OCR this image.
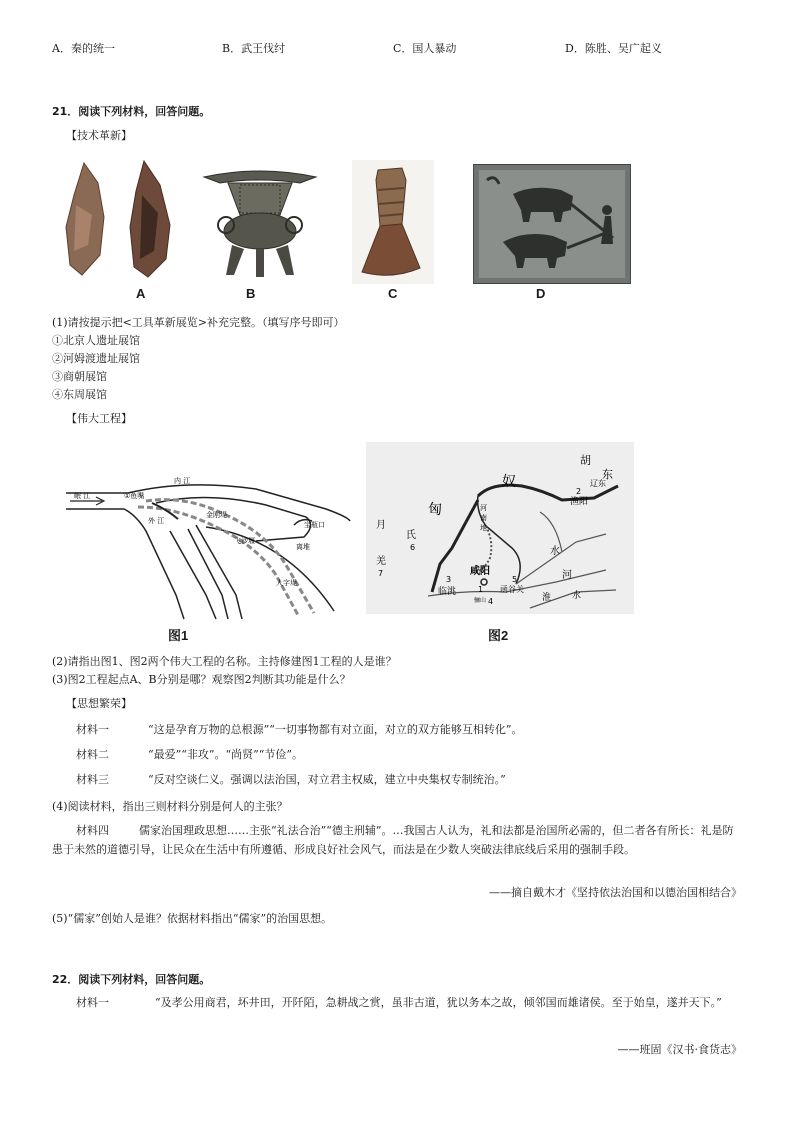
A．秦的统一	B．武王伐纣	C．国人暴动	D．陈胜、吴广起义
21．阅读下列材料，回答问题。
【技术革新】
A	B	C	D
(1)请按提示把<工具革新展览>补充完整。（填写序号即可）
①北京人遗址展馆
②河姆渡遗址展馆
③商朝展馆
④东周展馆
【伟大工程】
岷 江	①鱼嘴
内 江
外 江	宝瓶口
离堆
金刚堤
飞沙堰
人字堤
图1
胡
东
奴
匈	河
南
地
辽 东
2
渔阳
月
氏
6
羌
7
3
临洮
咸阳
1
骊山
5
函谷关
4
水
河
淮 水
图2
(2)请指出图1、图2两个伟大工程的名称。主持修建图1工程的人是谁？
(3)图2工程起点A、B分别是哪？观察图2判断其功能是什么？
【思想繁荣】
材料一	“这是孕育万物的总根源”“一切事物都有对立面，对立的双方能够互相转化”。
材料二	“最爱”“非攻”。“尚贤”“节俭”。
材料三	“反对空谈仁义。强调以法治国，对立君主权威，建立中央集权专制统治。”
(4)阅读材料，指出三则材料分别是何人的主张？
材料四	儒家治国理政思想……主张“礼法合治”“德主刑辅”。…我国古人认为，礼和法都是治国所必需的，但二者各有所长：礼是防患于未然的道德引导，让民众在生活中有所遵循、形成良好社会风气，而法是在少数人突破法律底线后采用的强制手段。
——摘自戴木才《坚持依法治国和以德治国相结合》
(5)“儒家”创始人是谁？依据材料指出“儒家”的治国思想。
22．阅读下列材料，回答问题。
材料一	“及孝公用商君，坏井田，开阡陌，急耕战之赏，虽非古道，犹以务本之故，倾邻国而雄诸侯。至于始皇，遂并天下。”
——班固《汉书·食货志》
